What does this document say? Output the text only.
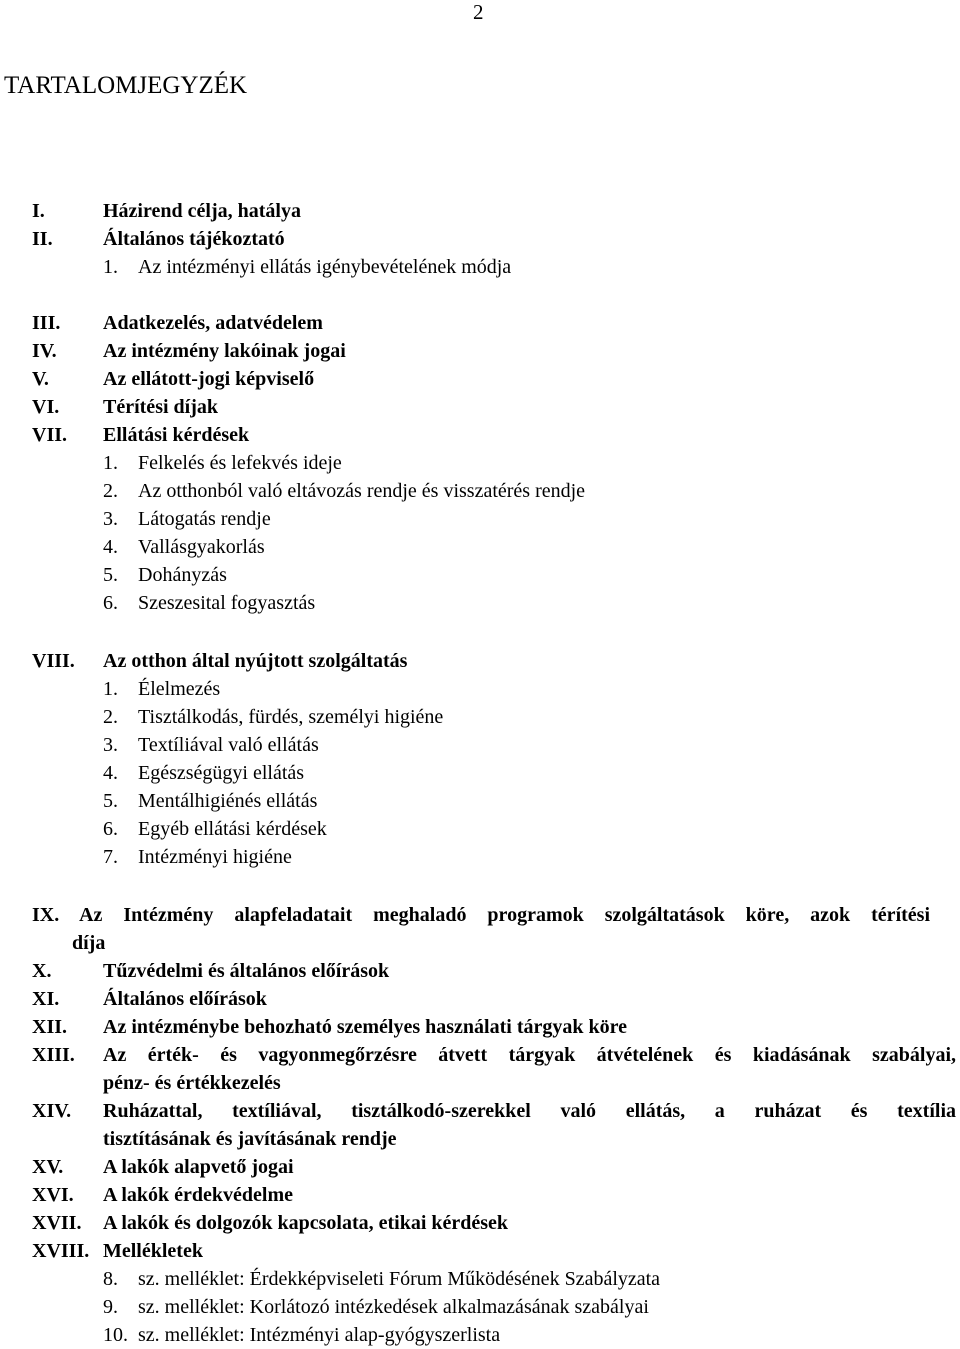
2
TARTALOMJEGYZÉK
I.	Házirend célja, hatálya
II.	Általános tájékoztató
1. Az intézményi ellátás igénybevételének módja
III. Adatkezelés, adatvédelem
IV. Az intézmény lakóinak jogai
V.	Az ellátott-jogi képviselő
VI. Térítési díjak
VII. Ellátási kérdések
1. Felkelés és lefekvés ideje
2. Az otthonból való eltávozás rendje és visszatérés rendje
3. Látogatás rendje
4. Vallásgyakorlás
5. Dohányzás
6. Szeszesital fogyasztás
VIII. Az otthon által nyújtott szolgáltatás
1. Élelmezés
2. Tisztálkodás, fürdés, személyi higiéne
3. Textíliával való ellátás
4. Egészségügyi ellátás
5. Mentálhigiénés ellátás
6. Egyéb ellátási kérdések
7. Intézményi higiéne
IX. Az Intézmény alapfeladatait meghaladó programok szolgáltatások köre, azok térítési
díja
X.	Tűzvédelmi és általános előírások
XI. Általános előírások
XII. Az intézménybe behozható személyes használati tárgyak köre
XIII. Az érték- és vagyonmegőrzésre átvett tárgyak átvételének és kiadásának szabályai,
pénz- és értékkezelés
XIV. Ruházattal, textíliával, tisztálkodó-szerekkel való ellátás, a ruházat és textília
tisztításának és javításának rendje
XV. A lakók alapvető jogai
XVI. A lakók érdekvédelme
XVII. A lakók és dolgozók kapcsolata, etikai kérdések
XVIII. Mellékletek
8. sz. melléklet: Érdekképviseleti Fórum Működésének Szabályzata
9. sz. melléklet: Korlátozó intézkedések alkalmazásának szabályai
10. sz. melléklet: Intézményi alap-gyógyszerlista
